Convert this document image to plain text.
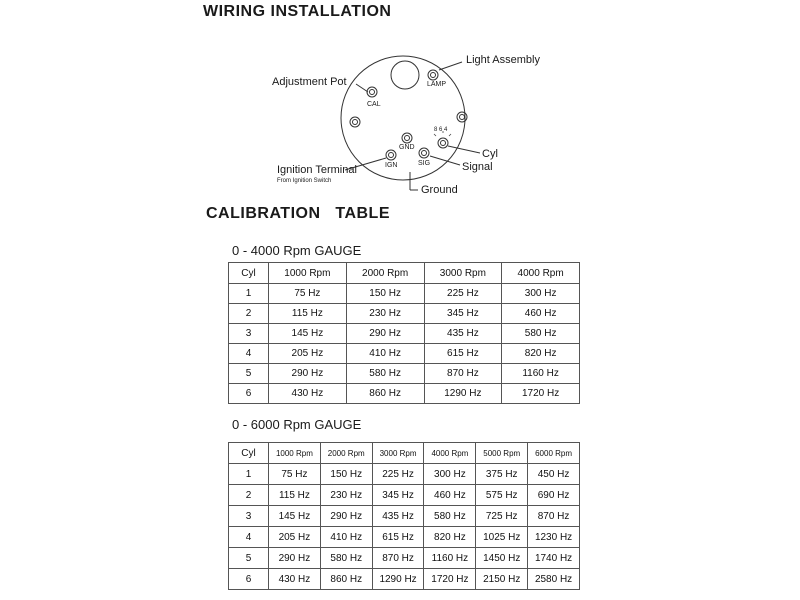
WIRING INSTALLATION
CALIBRATION   TABLE
Adjustment Pot
Light Assembly
CAL
LAMP
GND
IGN	SIG
8 6 4
Cyl
Signal
Ground
Ignition Terminal
From Ignition Switch
0 - 4000 Rpm GAUGE
Cyl	1000 Rpm	2000 Rpm	3000 Rpm	4000 Rpm
1	75 Hz	150 Hz	225 Hz	300 Hz
2	115 Hz	230 Hz	345 Hz	460 Hz
3	145 Hz	290 Hz	435 Hz	580 Hz
4	205 Hz	410 Hz	615 Hz	820 Hz
5	290 Hz	580 Hz	870 Hz	1160 Hz
6	430 Hz	860 Hz	1290 Hz	1720 Hz
0 - 6000 Rpm GAUGE
Cyl	1000 Rpm	2000 Rpm	3000 Rpm	4000 Rpm	5000 Rpm	6000 Rpm
1	75 Hz	150 Hz	225 Hz	300 Hz	375 Hz	450 Hz
2	115 Hz	230 Hz	345 Hz	460 Hz	575 Hz	690 Hz
3	145 Hz	290 Hz	435 Hz	580 Hz	725 Hz	870 Hz
4	205 Hz	410 Hz	615 Hz	820 Hz	1025 Hz	1230 Hz
5	290 Hz	580 Hz	870 Hz	1160 Hz	1450 Hz	1740 Hz
6	430 Hz	860 Hz	1290 Hz	1720 Hz	2150 Hz	2580 Hz
